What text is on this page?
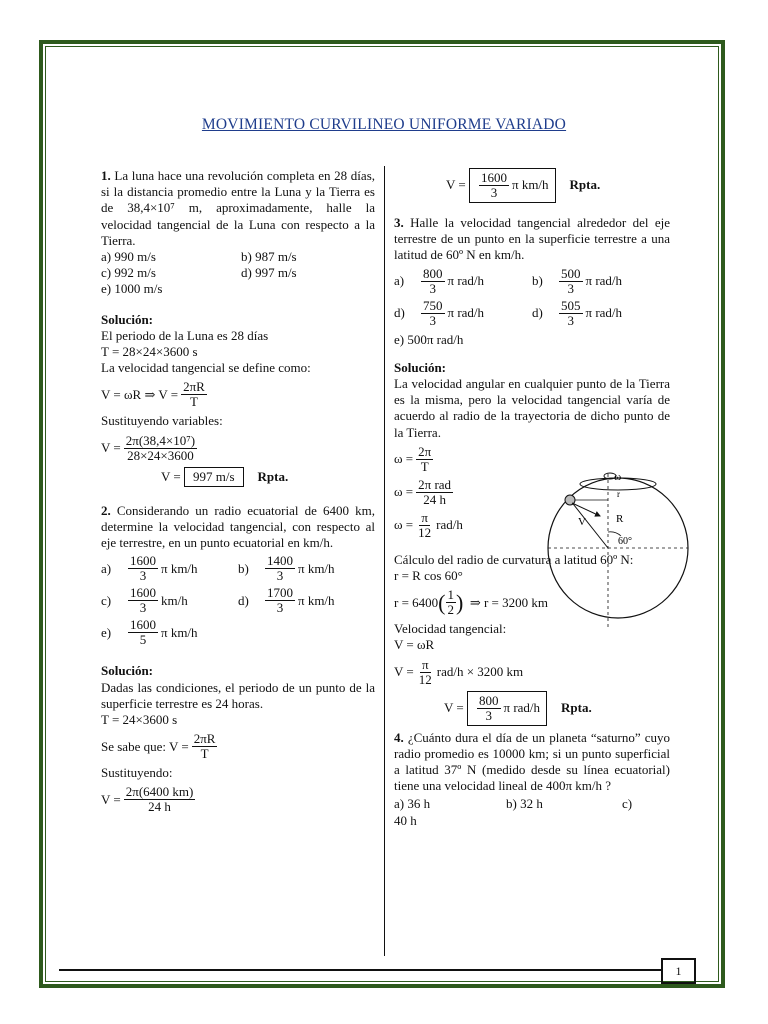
MOVIMIENTO CURVILINEO UNIFORME VARIADO
1. La luna hace una revolución completa en 28 días, si la distancia promedio entre la Luna y la Tierra es de 38,4×10⁷ m, aproximadamente, halle la velocidad tangencial de la Luna con respecto a la Tierra.
a) 990 m/s	b) 987 m/s
c) 992 m/s	d) 997 m/s
e) 1000 m/s
Solución:
El periodo de la Luna es 28 días
T = 28×24×3600 s
La velocidad tangencial se define como:
V = ωR ⇒ $V = \frac{2\pi R}{T}$
Sustituyendo variables:
$V = \frac{\text{2π(38,4×10⁷)}}{28\times 24\times 3600}$
V =
997 m/s	Rpta.
2. Considerando un radio ecuatorial de 6400 km, determine la velocidad tangencial, con respecto al eje terrestre, en un punto ecuatorial en km/h.
a)	$\frac{1600}{3}$ π km/h	b)	$\frac{1400}{3}$ π km/h
c)	$\frac{1600}{3} km/h$	d)	$\frac{1700}{3}$ π km/h
e)	$\frac{1600}{5}$ π km/h
Solución:
Dadas las condiciones, el periodo de un punto de la superficie terrestre es 24 horas.
T = 24×3600 s
Se sabe que: $V = \frac{2\pi R}{T}$
Sustituyendo:
$V = \frac{2\pi(6400 km)}{24 h}$
V =
$\frac{1600}{3}$ π km/h Rpta.
3. Halle la velocidad tangencial alrededor del eje terrestre de un punto en la superficie terrestre a una latitud de 60º N en km/h.
a)	$\frac{800}{3}$ π rad/h	b)	$\frac{500}{3}$ π rad/h
d)	$\frac{750}{3}$ π rad/h	d)	$\frac{505}{3}$ π rad/h
e) 500π rad/h
Solución:
La velocidad angular en cualquier punto de la Tierra es la misma, pero la velocidad tangencial varía de acuerdo al radio de la trayectoria de dicho punto de la Tierra.
$\omega = \frac{2\pi}{T}$
$\omega = \frac{\text{2π rad}}{24 h}$
$\omega = \frac{\pi}{12} rad/h$
Cálculo del radio de curvatura a latitud 60º N:
r = R cos 60°
r = 6400 ( $\frac{1}{2}$ )
⇒ r = 3200 km
Velocidad tangencial:
V = ωR
$V = \frac{\pi}{12} rad/h \times 3200$ km
V =
$\frac{800}{3}$ π rad/h Rpta.
4. ¿Cuánto dura el día de un planeta “saturno” cuyo radio promedio es 10000 km; si un punto superficial a latitud 37º N (medido desde su línea ecuatorial) tiene una velocidad lineal de 400π km/h ?
a) 36 h	b) 32 h	c)
40 h
ω
r
V	R
60°
1
